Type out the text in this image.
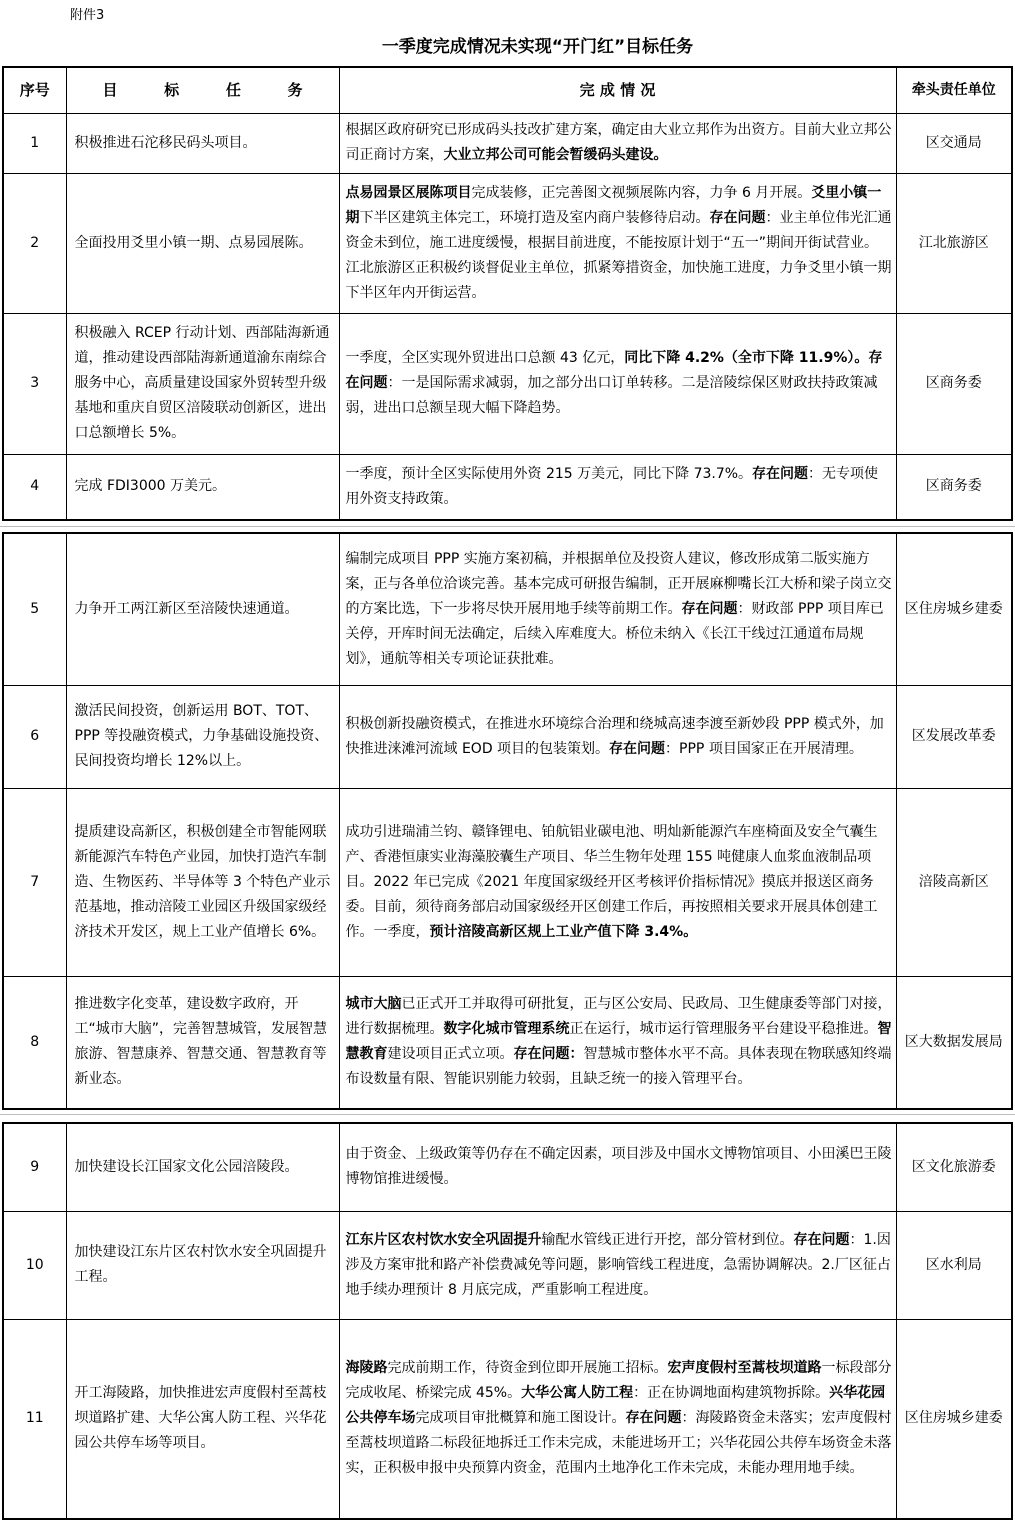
附件3
一季度完成情况未实现“开门红”目标任务
序号	目 标 任 务	完 成 情 况	牵头责任单位
1	积极推进石沱移民码头项目。	根据区政府研究已形成码头技改扩建方案，确定由大业立邦作为出资方。目前大业立邦公司正商讨方案，大业立邦公司可能会暂缓码头建设。	区交通局
2	全面投用爻里小镇一期、点易园展陈。	点易园景区展陈项目完成装修，正完善图文视频展陈内容，力争 6 月开展。爻里小镇一期下半区建筑主体完工，环境打造及室内商户装修待启动。存在问题：业主单位伟光汇通资金未到位，施工进度缓慢，根据目前进度，不能按原计划于“五一”期间开街试营业。江北旅游区正积极约谈督促业主单位，抓紧筹措资金，加快施工进度，力争爻里小镇一期下半区年内开街运营。	江北旅游区
3	积极融入 RCEP 行动计划、西部陆海新通道，推动建设西部陆海新通道渝东南综合服务中心，高质量建设国家外贸转型升级基地和重庆自贸区涪陵联动创新区，进出口总额增长 5%。	一季度，全区实现外贸进出口总额 43 亿元，同比下降 4.2%（全市下降 11.9%）。存在问题：一是国际需求减弱，加之部分出口订单转移。二是涪陵综保区财政扶持政策减弱，进出口总额呈现大幅下降趋势。	区商务委
4	完成 FDI3000 万美元。	一季度，预计全区实际使用外资 215 万美元，同比下降 73.7%。存在问题：无专项使用外资支持政策。	区商务委
5	力争开工两江新区至涪陵快速通道。	编制完成项目 PPP 实施方案初稿，并根据单位及投资人建议，修改形成第二版实施方案，正与各单位洽谈完善。基本完成可研报告编制，正开展麻柳嘴长江大桥和梁子岗立交的方案比选，下一步将尽快开展用地手续等前期工作。存在问题：财政部 PPP 项目库已关停，开库时间无法确定，后续入库难度大。桥位未纳入《长江干线过江通道布局规划》，通航等相关专项论证获批难。	区住房城乡建委
6	激活民间投资，创新运用 BOT、TOT、PPP 等投融资模式，力争基础设施投资、民间投资均增长 12%以上。	积极创新投融资模式，在推进水环境综合治理和绕城高速李渡至新妙段 PPP 模式外，加快推进涞滩河流域 EOD 项目的包装策划。存在问题：PPP 项目国家正在开展清理。	区发展改革委
7	提质建设高新区，积极创建全市智能网联新能源汽车特色产业园，加快打造汽车制造、生物医药、半导体等 3 个特色产业示范基地，推动涪陵工业园区升级国家级经济技术开发区，规上工业产值增长 6%。	成功引进瑞浦兰钧、赣锋锂电、铂航铝业碳电池、明灿新能源汽车座椅面及安全气囊生产、香港恒康实业海藻胶囊生产项目、华兰生物年处理 155 吨健康人血浆血液制品项目。2022 年已完成《2021 年度国家级经开区考核评价指标情况》摸底并报送区商务委。目前，须待商务部启动国家级经开区创建工作后，再按照相关要求开展具体创建工作。一季度，预计涪陵高新区规上工业产值下降 3.4%。	涪陵高新区
8	推进数字化变革，建设数字政府，开工“城市大脑”，完善智慧城管，发展智慧旅游、智慧康养、智慧交通、智慧教育等新业态。	城市大脑已正式开工并取得可研批复，正与区公安局、民政局、卫生健康委等部门对接，进行数据梳理。数字化城市管理系统正在运行，城市运行管理服务平台建设平稳推进。智慧教育建设项目正式立项。存在问题：智慧城市整体水平不高。具体表现在物联感知终端布设数量有限、智能识别能力较弱，且缺乏统一的接入管理平台。	区大数据发展局
9	加快建设长江国家文化公园涪陵段。	由于资金、上级政策等仍存在不确定因素，项目涉及中国水文博物馆项目、小田溪巴王陵博物馆推进缓慢。	区文化旅游委
10	加快建设江东片区农村饮水安全巩固提升工程。	江东片区农村饮水安全巩固提升输配水管线正进行开挖，部分管材到位。存在问题：1.因涉及方案审批和路产补偿费减免等问题，影响管线工程进度，急需协调解决。2.厂区征占地手续办理预计 8 月底完成，严重影响工程进度。	区水利局
11	开工海陵路，加快推进宏声度假村至蒿枝坝道路扩建、大华公寓人防工程、兴华花园公共停车场等项目。	海陵路完成前期工作，待资金到位即开展施工招标。宏声度假村至蒿枝坝道路一标段部分完成收尾、桥梁完成 45%。大华公寓人防工程：正在协调地面构建筑物拆除。兴华花园公共停车场完成项目审批概算和施工图设计。存在问题：海陵路资金未落实；宏声度假村至蒿枝坝道路二标段征地拆迁工作未完成，未能进场开工；兴华花园公共停车场资金未落实，正积极申报中央预算内资金，范围内土地净化工作未完成，未能办理用地手续。	区住房城乡建委
